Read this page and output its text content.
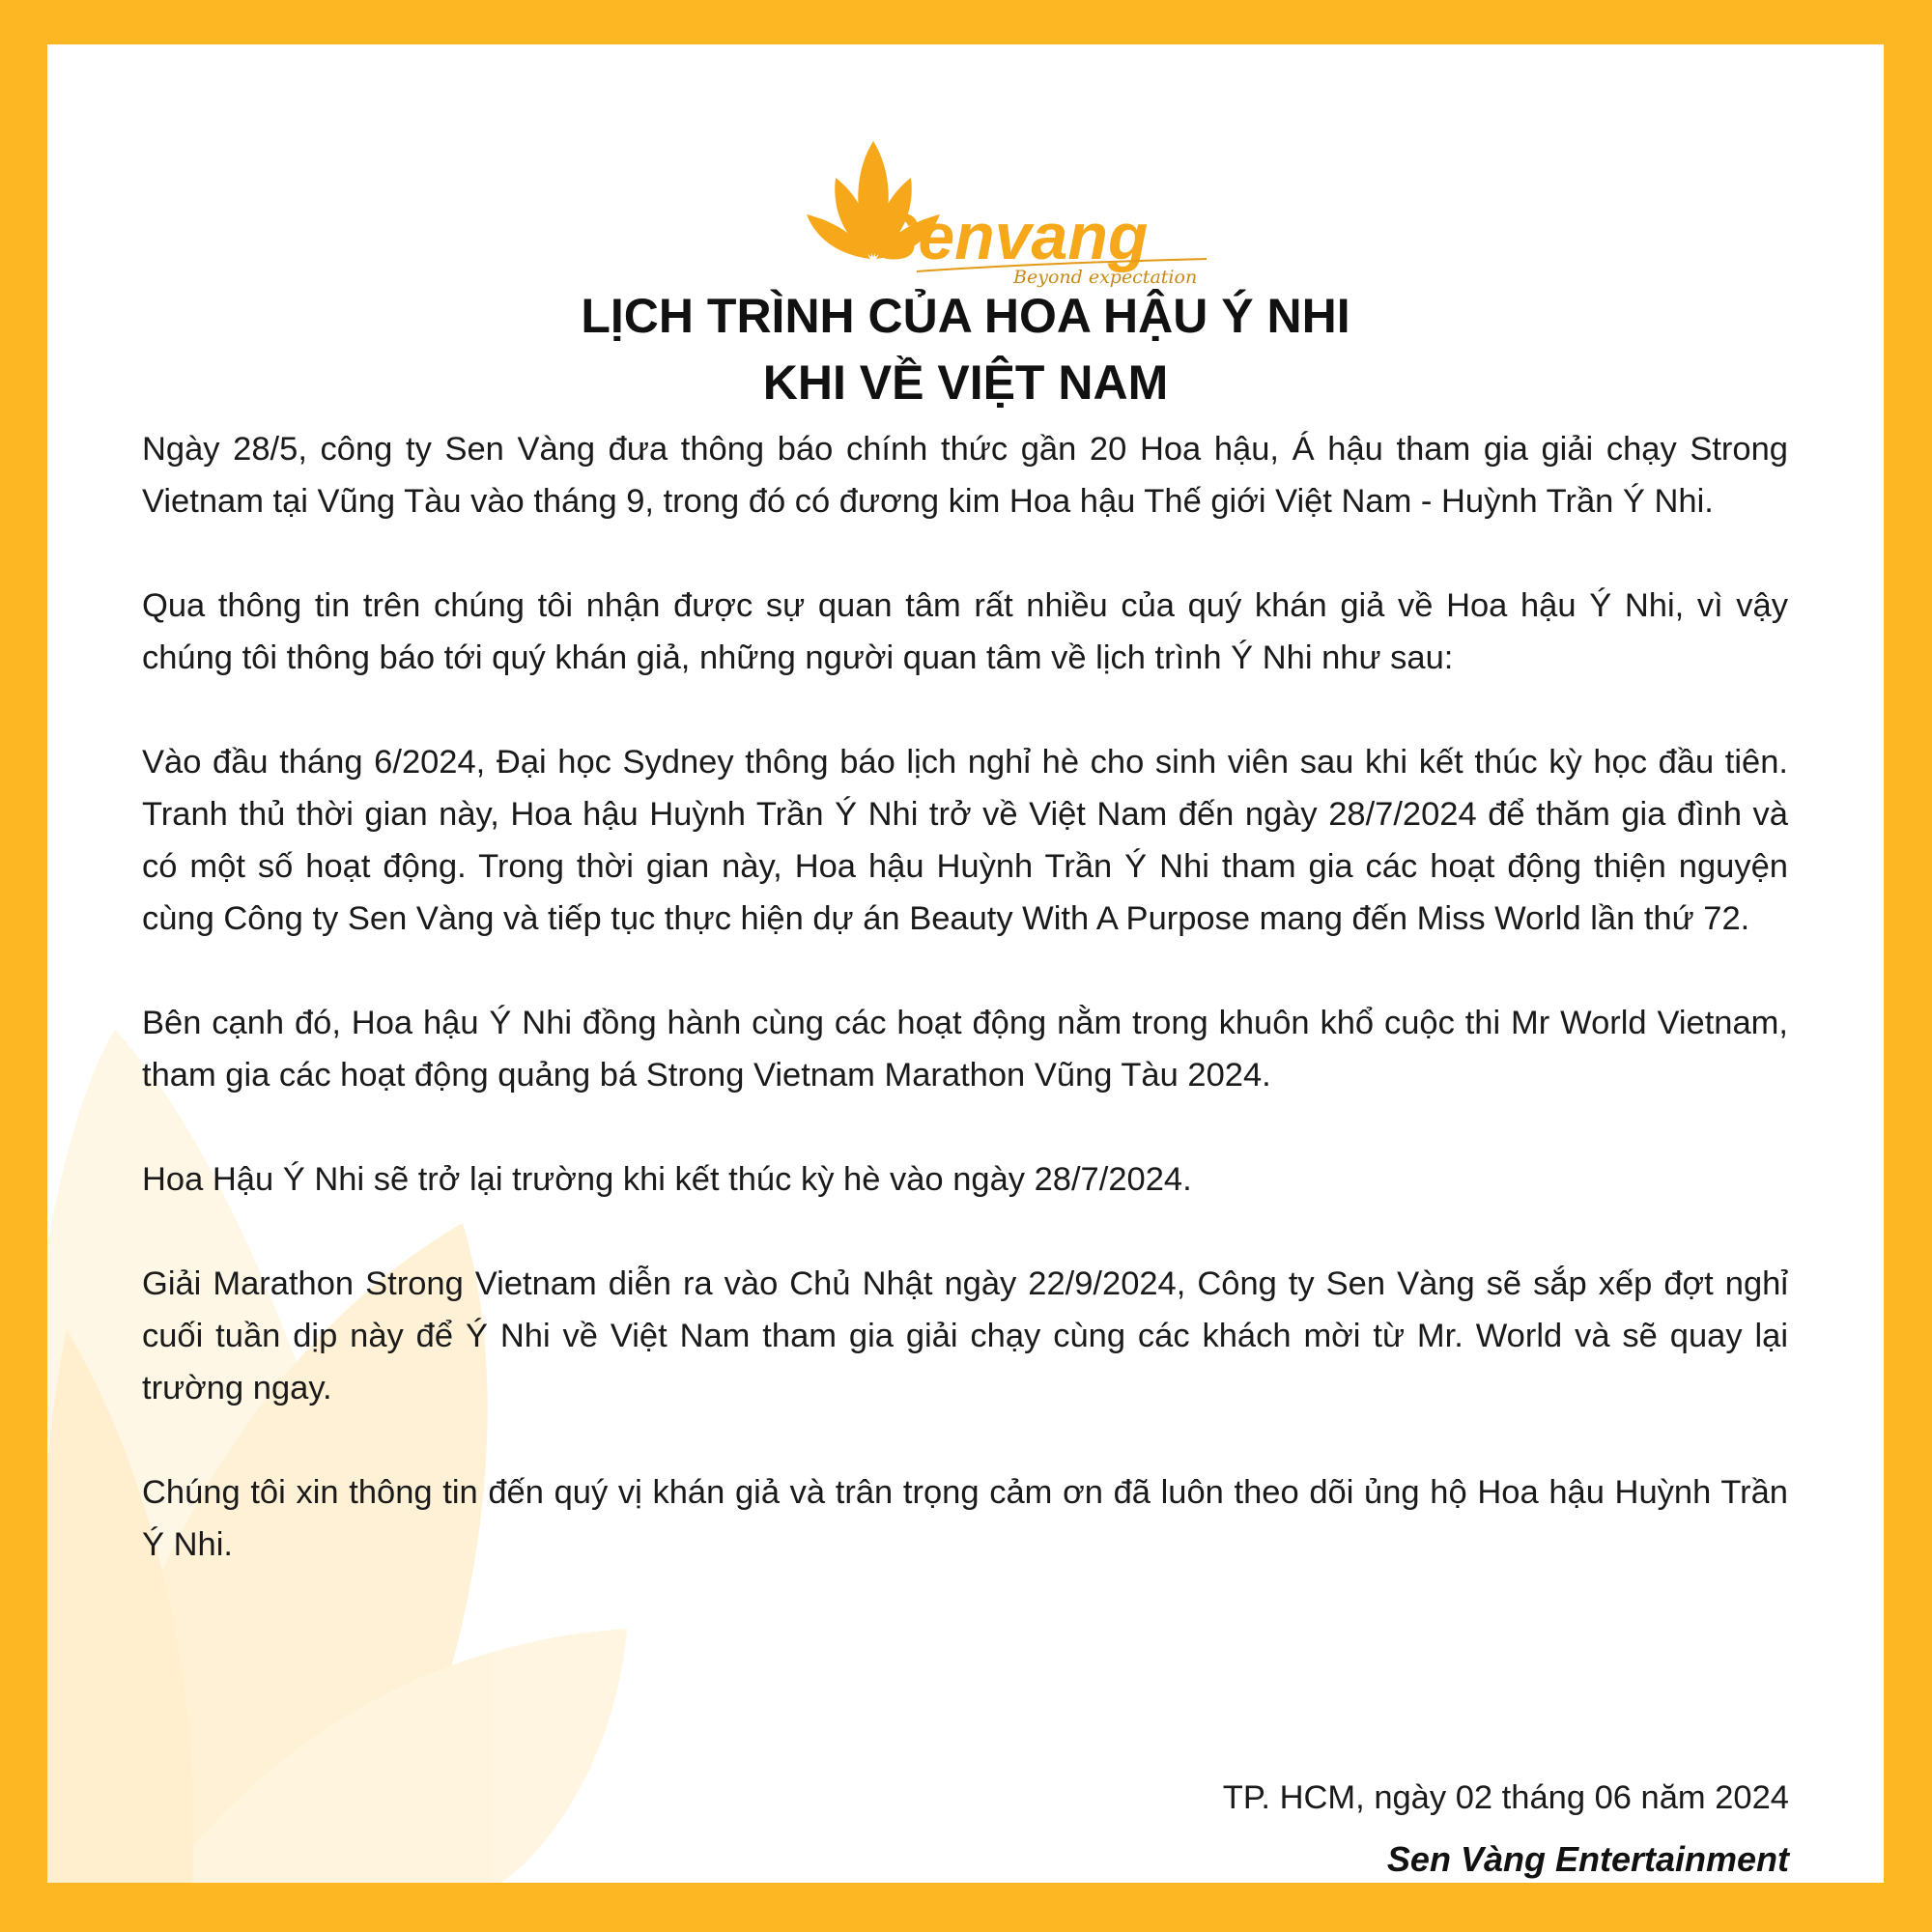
Senvang
Beyond expectation
LỊCH TRÌNH CỦA HOA HẬU Ý NHI
KHI VỀ VIỆT NAM

Ngày 28/5, công ty Sen Vàng đưa thông báo chính thức gần 20 Hoa hậu, Á hậu tham gia giải chạy Strong Vietnam tại Vũng Tàu vào tháng 9, trong đó có đương kim Hoa hậu Thế giới Việt Nam - Huỳnh Trần Ý Nhi.

Qua thông tin trên chúng tôi nhận được sự quan tâm rất nhiều của quý khán giả về Hoa hậu Ý Nhi, vì vậy chúng tôi thông báo tới quý khán giả, những người quan tâm về lịch trình Ý Nhi như sau:

Vào đầu tháng 6/2024, Đại học Sydney thông báo lịch nghỉ hè cho sinh viên sau khi kết thúc kỳ học đầu tiên. Tranh thủ thời gian này, Hoa hậu Huỳnh Trần Ý Nhi trở về Việt Nam đến ngày 28/7/2024 để thăm gia đình và có một số hoạt động. Trong thời gian này, Hoa hậu Huỳnh Trần Ý Nhi tham gia các hoạt động thiện nguyện cùng Công ty Sen Vàng và tiếp tục thực hiện dự án Beauty With A Purpose mang đến Miss World lần thứ 72.

Bên cạnh đó, Hoa hậu Ý Nhi đồng hành cùng các hoạt động nằm trong khuôn khổ cuộc thi Mr World Vietnam, tham gia các hoạt động quảng bá Strong Vietnam Marathon Vũng Tàu 2024.

Hoa Hậu Ý Nhi sẽ trở lại trường khi kết thúc kỳ hè vào ngày 28/7/2024.

Giải Marathon Strong Vietnam diễn ra vào Chủ Nhật ngày 22/9/2024, Công ty Sen Vàng sẽ sắp xếp đợt nghỉ cuối tuần dịp này để Ý Nhi về Việt Nam tham gia giải chạy cùng các khách mời từ Mr. World và sẽ quay lại trường ngay.

Chúng tôi xin thông tin đến quý vị khán giả và trân trọng cảm ơn đã luôn theo dõi ủng hộ Hoa hậu Huỳnh Trần Ý Nhi.

TP. HCM, ngày 02 tháng 06 năm 2024
Sen Vàng Entertainment
